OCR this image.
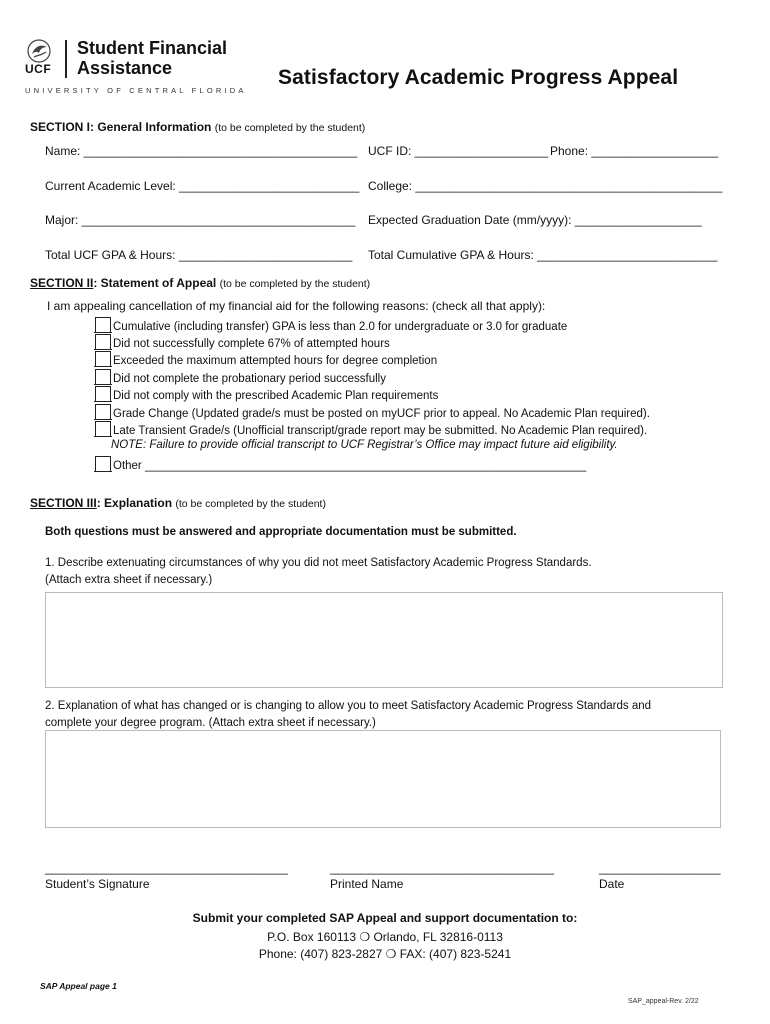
UCF
Student Financial
Assistance
UNIVERSITY OF CENTRAL FLORIDA
Satisfactory Academic Progress Appeal
SECTION I: General Information (to be completed by the student)
Name: _________________________________________ UCF ID: ____________________ Phone: ___________________
Current Academic Level: ___________________________ College: ______________________________________________
Major: _________________________________________ Expected Graduation Date (mm/yyyy): ___________________
Total UCF GPA & Hours: __________________________ Total Cumulative GPA & Hours: ___________________________
SECTION II: Statement of Appeal (to be completed by the student)
I am appealing cancellation of my financial aid for the following reasons: (check all that apply):
Cumulative (including transfer) GPA is less than 2.0 for undergraduate or 3.0 for graduate
Did not successfully complete 67% of attempted hours
Exceeded the maximum attempted hours for degree completion
Did not complete the probationary period successfully
Did not comply with the prescribed Academic Plan requirements
Grade Change (Updated grade/s must be posted on myUCF prior to appeal. No Academic Plan required).
Late Transient Grade/s (Unofficial transcript/grade report may be submitted. No Academic Plan required).
NOTE: Failure to provide official transcript to UCF Registrar’s Office may impact future aid eligibility.
Other _____________________________________________________________________
SECTION III: Explanation (to be completed by the student)
Both questions must be answered and appropriate documentation must be submitted.
1. Describe extenuating circumstances of why you did not meet Satisfactory Academic Progress Standards.
(Attach extra sheet if necessary.)
2. Explanation of what has changed or is changing to allow you to meet Satisfactory Academic Progress Standards and
complete your degree program. (Attach extra sheet if necessary.)
______________________________________	___________________________________	___________________
Student’s Signature	Printed Name	Date
Submit your completed SAP Appeal and support documentation to:
P.O. Box 160113 ❍ Orlando, FL 32816-0113
Phone: (407) 823-2827 ❍ FAX: (407) 823-5241
SAP Appeal page 1
SAP_appeal-Rev. 2/22
